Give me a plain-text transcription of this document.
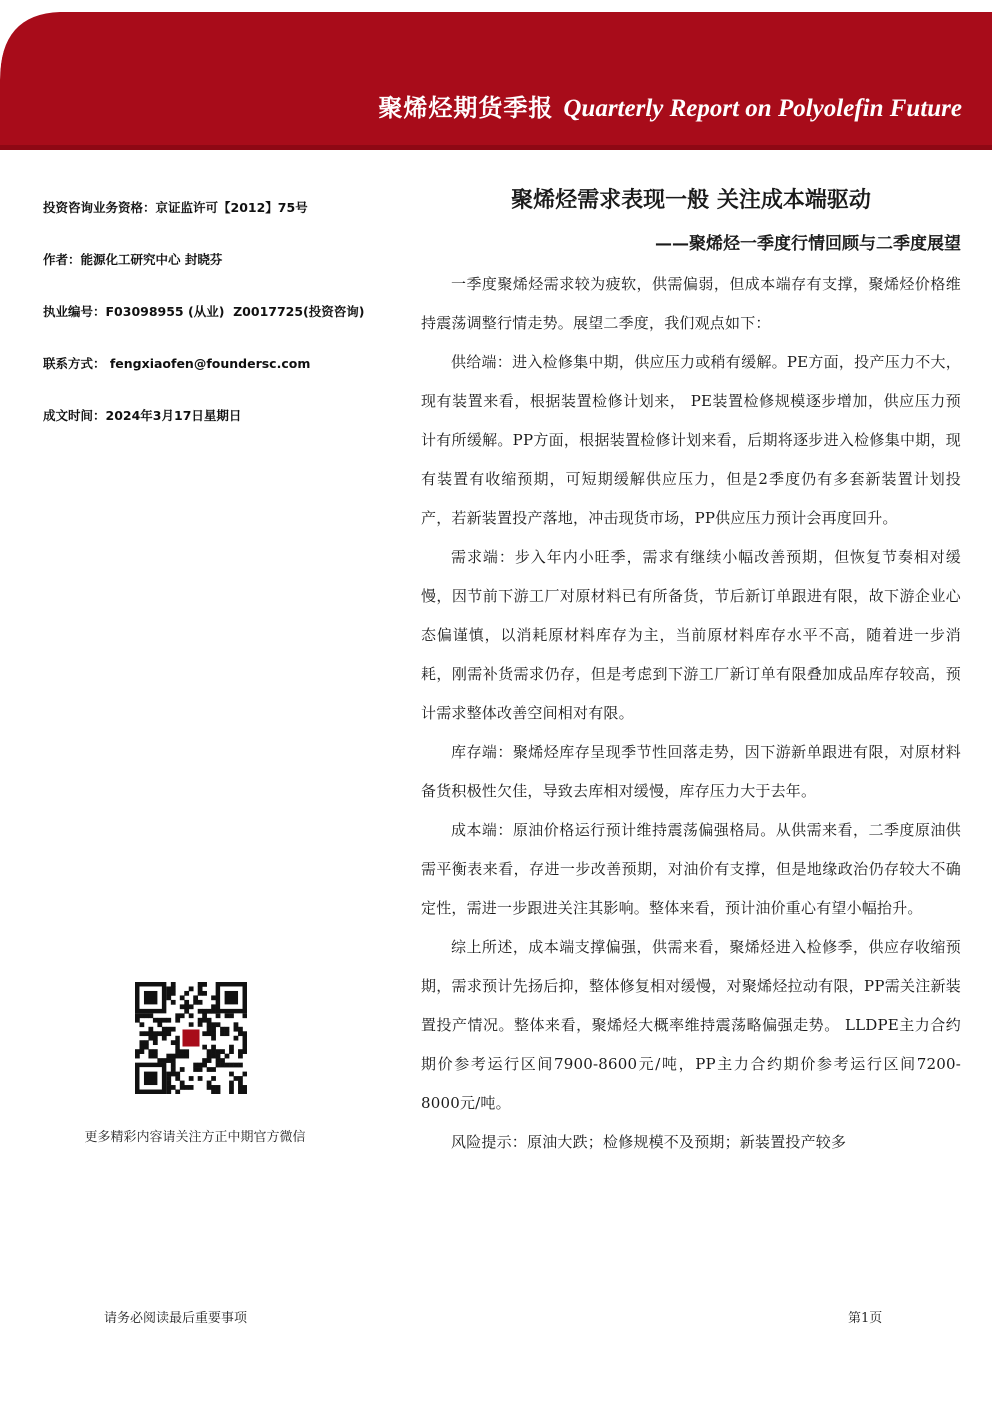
聚烯烃期货季报 Quarterly Report on Polyolefin Future
投资咨询业务资格：京证监许可【2012】75号
作者：能源化工研究中心 封晓芬
执业编号：F03098955 (从业)  Z0017725(投资咨询)
联系方式： fengxiaofen@foundersc.com
成文时间：2024年3月17日星期日
更多精彩内容请关注方正中期官方微信
聚烯烃需求表现一般 关注成本端驱动
——聚烯烃一季度行情回顾与二季度展望

一季度聚烯烃需求较为疲软，供需偏弱，但成本端存有支撑，聚烯烃价格维持震荡调整行情走势。展望二季度，我们观点如下：

供给端：进入检修集中期，供应压力或稍有缓解。PE方面，投产压力不大，现有装置来看，根据装置检修计划来， PE装置检修规模逐步增加，供应压力预计有所缓解。PP方面，根据装置检修计划来看，后期将逐步进入检修集中期，现有装置有收缩预期，可短期缓解供应压力，但是2季度仍有多套新装置计划投产，若新装置投产落地，冲击现货市场，PP供应压力预计会再度回升。

需求端：步入年内小旺季，需求有继续小幅改善预期，但恢复节奏相对缓慢，因节前下游工厂对原材料已有所备货，节后新订单跟进有限，故下游企业心态偏谨慎，以消耗原材料库存为主，当前原材料库存水平不高，随着进一步消耗，刚需补货需求仍存，但是考虑到下游工厂新订单有限叠加成品库存较高，预计需求整体改善空间相对有限。

库存端：聚烯烃库存呈现季节性回落走势，因下游新单跟进有限，对原材料备货积极性欠佳，导致去库相对缓慢，库存压力大于去年。

成本端：原油价格运行预计维持震荡偏强格局。从供需来看，二季度原油供需平衡表来看，存进一步改善预期，对油价有支撑，但是地缘政治仍存较大不确定性，需进一步跟进关注其影响。整体来看，预计油价重心有望小幅抬升。

综上所述，成本端支撑偏强，供需来看，聚烯烃进入检修季，供应存收缩预期，需求预计先扬后抑，整体修复相对缓慢，对聚烯烃拉动有限，PP需关注新装置投产情况。整体来看，聚烯烃大概率维持震荡略偏强走势。 LLDPE主力合约期价参考运行区间7900-8600元/吨，PP主力合约期价参考运行区间7200-8000元/吨。

风险提示：原油大跌；检修规模不及预期；新装置投产较多

请务必阅读最后重要事项	第1页
